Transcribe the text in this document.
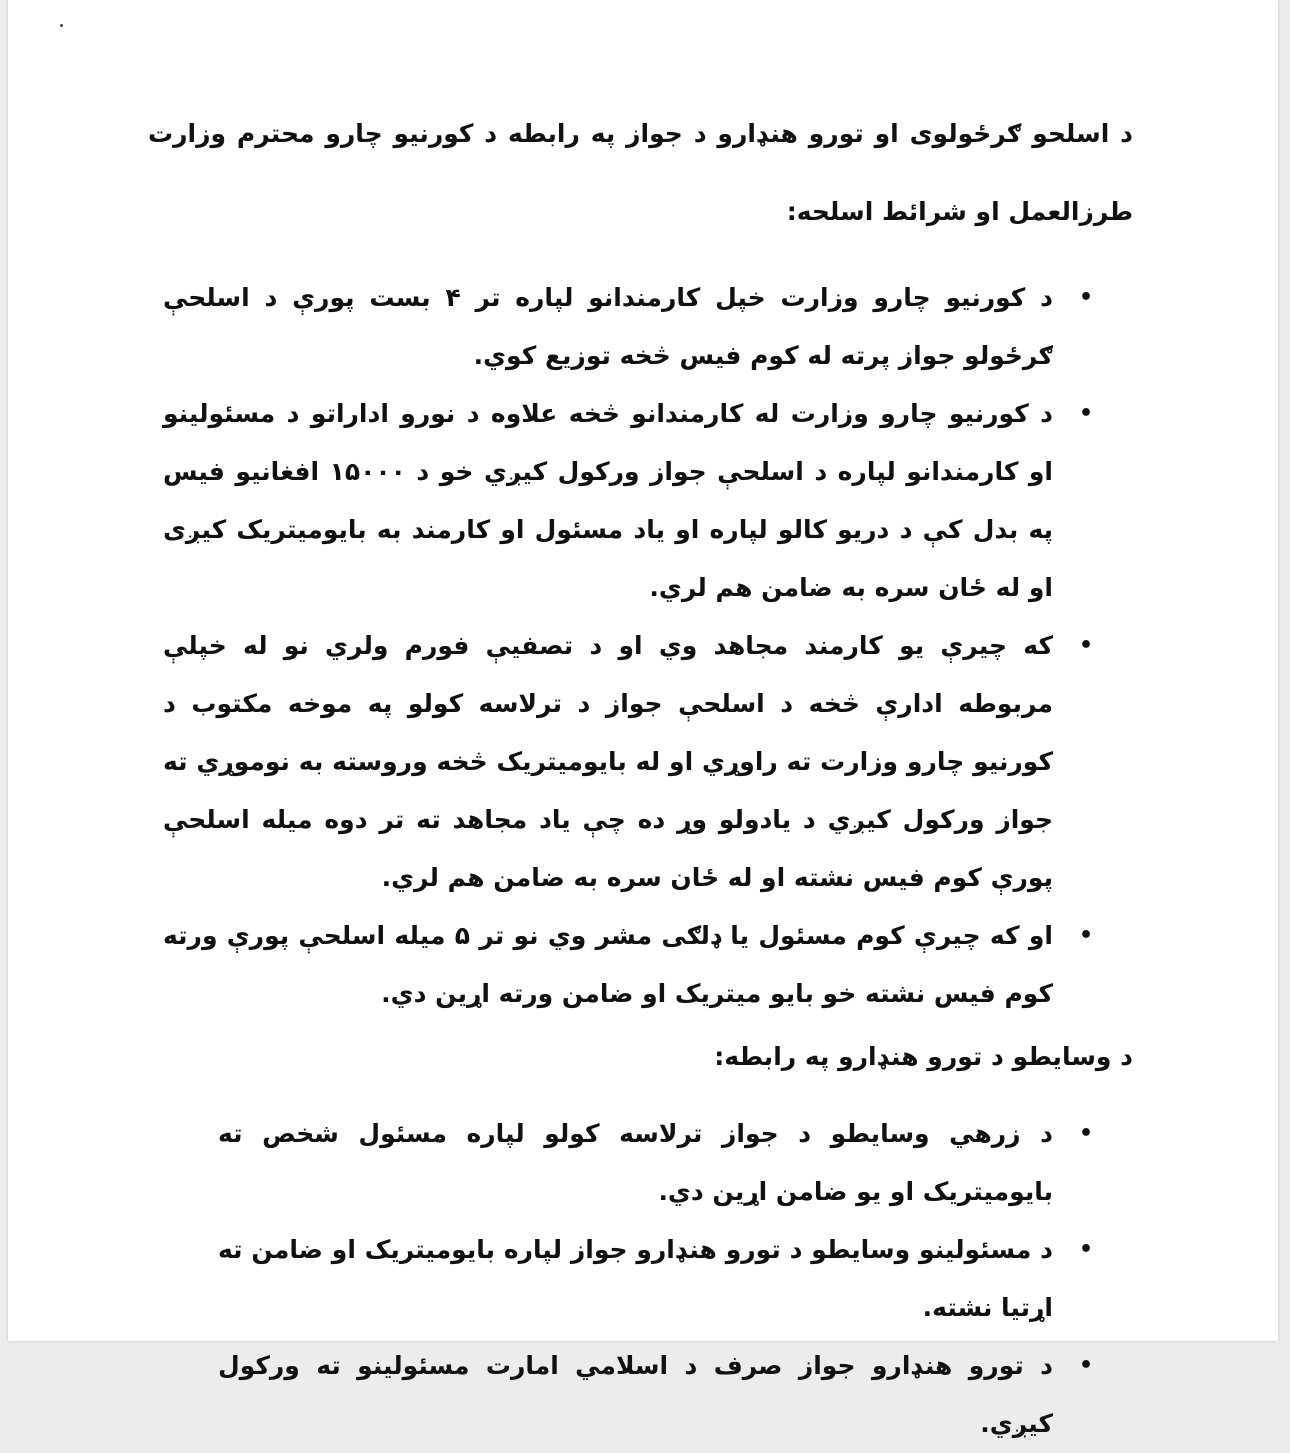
د اسلحو ګرځولوی او تورو هنډارو د جواز په رابطه د کورنیو چارو محترم وزارت طرزالعمل او شرائط اسلحه:

•
د کورنیو چارو وزارت خپل کارمندانو لپاره تر ۴ بست پورې د اسلحې ګرځولو جواز پرته له کوم فیس څخه توزیع کوي.
•
د کورنیو چارو وزارت له کارمندانو څخه علاوه د نورو اداراتو د مسئولینو او کارمندانو لپاره د اسلحې جواز ورکول کیږي خو د ۱۵۰۰۰ افغانیو فیس په بدل کې د دریو کالو لپاره او یاد مسئول او کارمند به بایومیتریک کیږی او له ځان سره به ضامن هم لري.
•
که چیرې یو کارمند مجاهد وي او د تصفیې فورم ولري نو له خپلې مربوطه ادارې څخه د اسلحې جواز د ترلاسه کولو په موخه مکتوب د کورنیو چارو وزارت ته راوړي او له بایومیتریک څخه وروسته به نوموړي ته جواز ورکول کیږي د یادولو وړ ده چې یاد مجاهد ته تر دوه میله اسلحې پورې کوم فیس نشته او له ځان سره به ضامن هم لري.
•
او که چیرې کوم مسئول یا ډلګی مشر وي نو تر ۵ میله اسلحې پورې ورته کوم فیس نشته خو بایو میتریک او ضامن ورته اړین دي.

د وسایطو د تورو هنډارو په رابطه:

•
د زرهي وسایطو د جواز ترلاسه کولو لپاره مسئول شخص ته بایومیتریک او یو ضامن اړین دي.
•
د مسئولینو وسایطو د تورو هنډارو جواز لپاره بایومیتریک او ضامن ته اړتیا نشته.
•
د تورو هنډارو جواز صرف د اسلامي امارت مسئولینو ته ورکول کیږي.
